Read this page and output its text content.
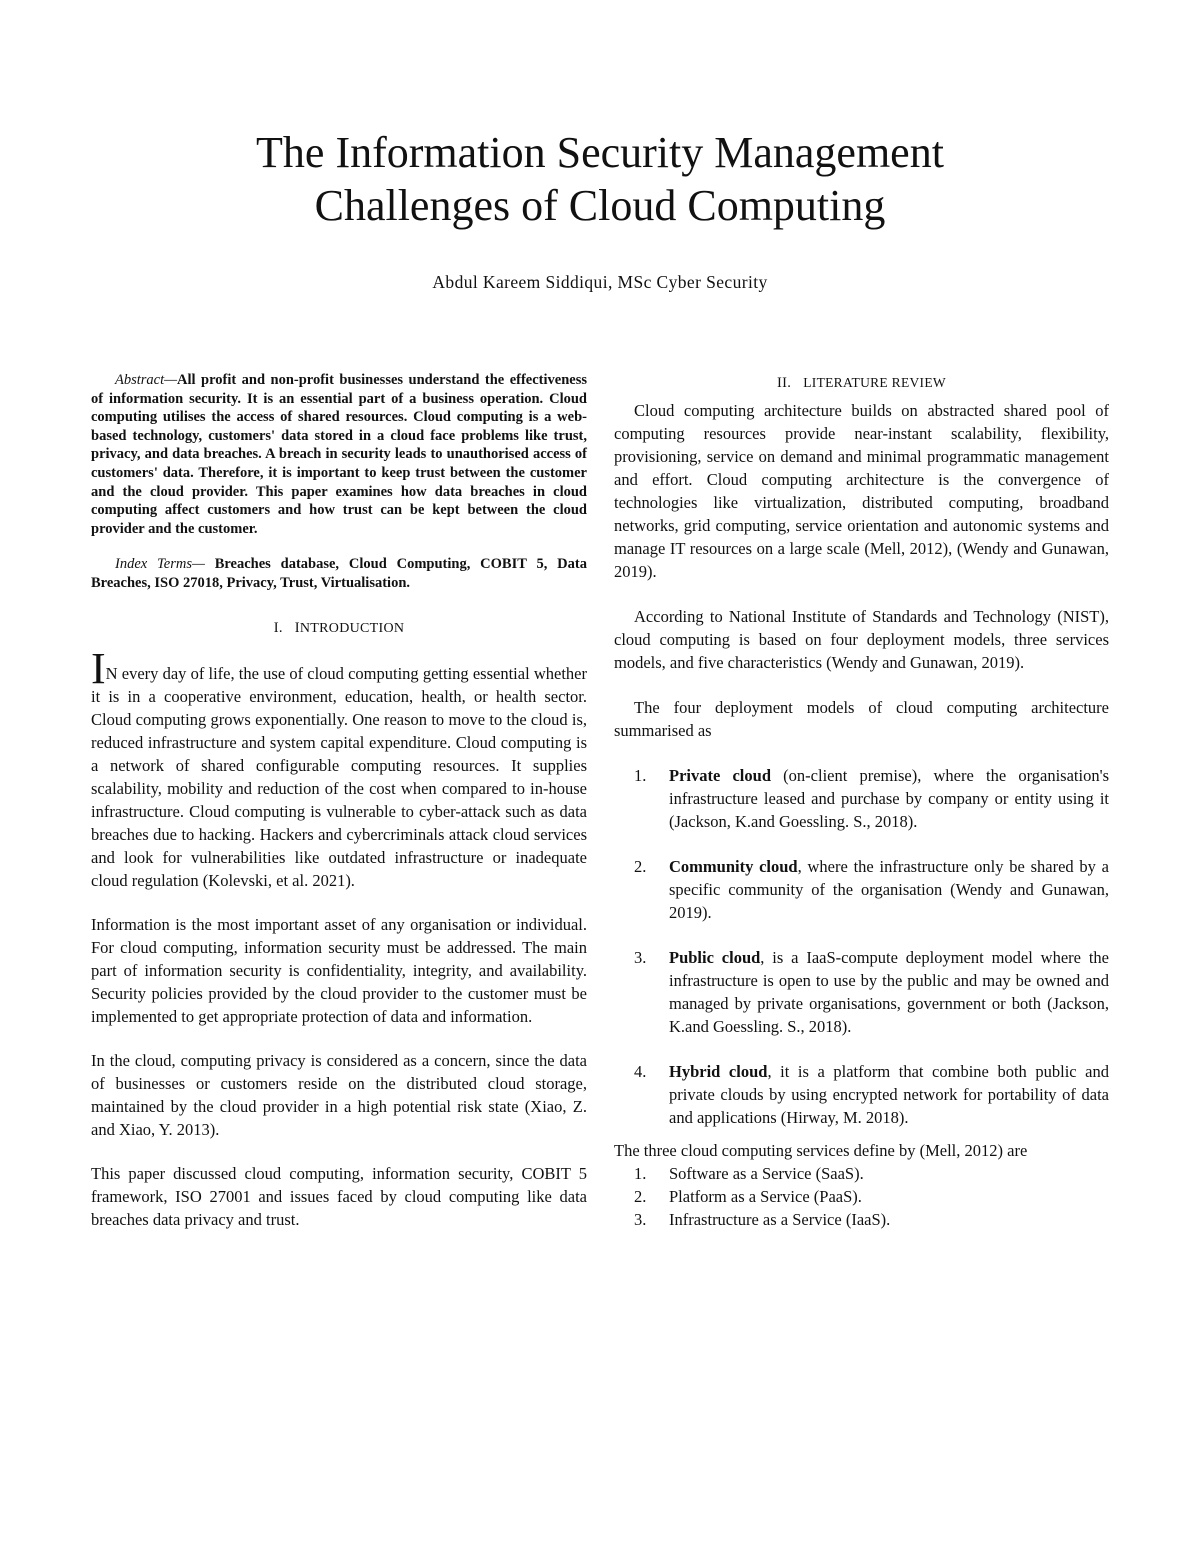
The Information Security Management
Challenges of Cloud Computing
Abdul Kareem Siddiqui, MSc Cyber Security

Abstract—All profit and non-profit businesses understand the effectiveness of information security. It is an essential part of a business operation. Cloud computing utilises the access of shared resources. Cloud computing is a web-based technology, customers' data stored in a cloud face problems like trust, privacy, and data breaches. A breach in security leads to unauthorised access of customers' data. Therefore, it is important to keep trust between the customer and the cloud provider. This paper examines how data breaches in cloud computing affect customers and how trust can be kept between the cloud provider and the customer.

Index Terms— Breaches database, Cloud Computing, COBIT 5, Data Breaches, ISO 27018, Privacy, Trust, Virtualisation.

I. INTRODUCTION

IN every day of life, the use of cloud computing getting essential whether it is in a cooperative environment, education, health, or health sector. Cloud computing grows exponentially. One reason to move to the cloud is, reduced infrastructure and system capital expenditure. Cloud computing is a network of shared configurable computing resources. It supplies scalability, mobility and reduction of the cost when compared to in-house infrastructure. Cloud computing is vulnerable to cyber-attack such as data breaches due to hacking. Hackers and cybercriminals attack cloud services and look for vulnerabilities like outdated infrastructure or inadequate cloud regulation (Kolevski, et al. 2021).

Information is the most important asset of any organisation or individual. For cloud computing, information security must be addressed. The main part of information security is confidentiality, integrity, and availability. Security policies provided by the cloud provider to the customer must be implemented to get appropriate protection of data and information.

In the cloud, computing privacy is considered as a concern, since the data of businesses or customers reside on the distributed cloud storage, maintained by the cloud provider in a high potential risk state (Xiao, Z. and Xiao, Y. 2013).

This paper discussed cloud computing, information security, COBIT 5 framework, ISO 27001 and issues faced by cloud computing like data breaches data privacy and trust.

II. LITERATURE REVIEW

Cloud computing architecture builds on abstracted shared pool of computing resources provide near-instant scalability, flexibility, provisioning, service on demand and minimal programmatic management and effort. Cloud computing architecture is the convergence of technologies like virtualization, distributed computing, broadband networks, grid computing, service orientation and autonomic systems and manage IT resources on a large scale (Mell, 2012), (Wendy and Gunawan, 2019).

According to National Institute of Standards and Technology (NIST), cloud computing is based on four deployment models, three services models, and five characteristics (Wendy and Gunawan, 2019).

The four deployment models of cloud computing architecture summarised as

1.	Private cloud (on-client premise), where the organisation's infrastructure leased and purchase by company or entity using it (Jackson, K.and Goessling. S., 2018).
2.	Community cloud, where the infrastructure only be shared by a specific community of the organisation (Wendy and Gunawan, 2019).
3.	Public cloud, is a IaaS-compute deployment model where the infrastructure is open to use by the public and may be owned and managed by private organisations, government or both (Jackson, K.and Goessling. S., 2018).
4.	Hybrid cloud, it is a platform that combine both public and private clouds by using encrypted network for portability of data and applications (Hirway, M. 2018).

The three cloud computing services define by (Mell, 2012) are

1.	Software as a Service (SaaS).
2.	Platform as a Service (PaaS).
3.	Infrastructure as a Service (IaaS).
